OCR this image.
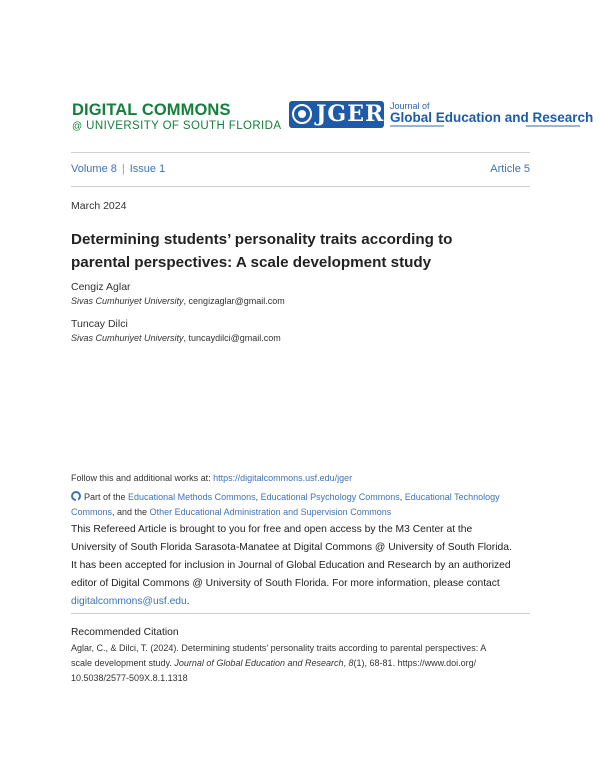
DIGITAL COMMONS
@ UNIVERSITY OF SOUTH FLORIDA JGER Journal of
Global Education and Research
Volume 8 | Issue 1	Article 5
March 2024
Determining students’ personality traits according to parental perspectives: A scale development study
Cengiz Aglar
Sivas Cumhuriyet University, cengizaglar@gmail.com
Tuncay Dilci
Sivas Cumhuriyet University, tuncaydilci@gmail.com
Follow this and additional works at: https://digitalcommons.usf.edu/jger
Part of the Educational Methods Commons, Educational Psychology Commons, Educational Technology Commons, and the Other Educational Administration and Supervision Commons
This Refereed Article is brought to you for free and open access by the M3 Center at the
University of South Florida Sarasota-Manatee at Digital Commons @ University of South Florida.
It has been accepted for inclusion in Journal of Global Education and Research by an authorized
editor of Digital Commons @ University of South Florida. For more information, please contact
digitalcommons@usf.edu.
Recommended Citation
Aglar, C., & Dilci, T. (2024). Determining students’ personality traits according to parental perspectives: A
scale development study. Journal of Global Education and Research, 8(1), 68-81. https://www.doi.org/
10.5038/2577-509X.8.1.1318
